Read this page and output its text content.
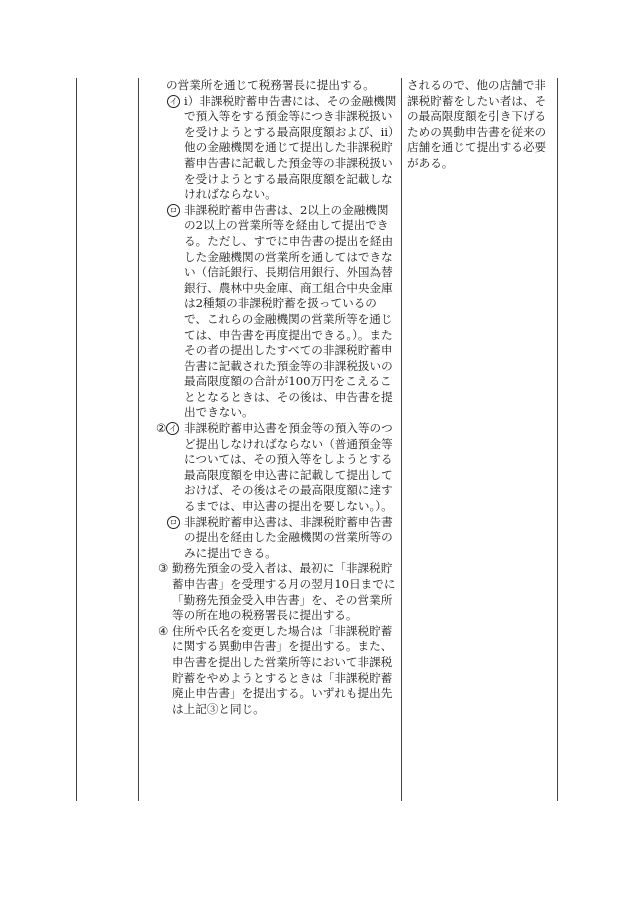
の営業所を通じて税務署長に提出する。
イ ⅰ）非課税貯蓄申告書には、その金融機関で預入等をする預金等につき非課税扱いを受けようとする最高限度額および、ⅱ）他の金融機関を通じて提出した非課税貯蓄申告書に記載した預金等の非課税扱いを受けようとする最高限度額を記載しなければならない。
ロ 非課税貯蓄申告書は、2以上の金融機関の2以上の営業所等を経由して提出できる。ただし、すでに申告書の提出を経由した金融機関の営業所を通してはできない（信託銀行、長期信用銀行、外国為替銀行、農林中央金庫、商工組合中央金庫は2種類の非課税貯蓄を扱っているので、これらの金融機関の営業所等を通じては、申告書を再度提出できる。）。またその者の提出したすべての非課税貯蓄申告書に記載された預金等の非課税扱いの最高限度額の合計が100万円をこえることとなるときは、その後は、申告書を提出できない。
② イ 非課税貯蓄申込書を預金等の預入等のつど提出しなければならない（普通預金等については、その預入等をしようとする最高限度額を申込書に記載して提出しておけば、その後はその最高限度額に達するまでは、申込書の提出を要しない。）。
ロ 非課税貯蓄申込書は、非課税貯蓄申告書の提出を経由した金融機関の営業所等のみに提出できる。
③ 勤務先預金の受入者は、最初に「非課税貯蓄申告書」を受理する月の翌月10日までに「勤務先預金受入申告書」を、その営業所等の所在地の税務署長に提出する。
④ 住所や氏名を変更した場合は「非課税貯蓄に関する異動申告書」を提出する。また、申告書を提出した営業所等において非課税貯蓄をやめようとするときは「非課税貯蓄廃止申告書」を提出する。いずれも提出先は上記③と同じ。

されるので、他の店舗で非課税貯蓄をしたい者は、その最高限度額を引き下げるための異動申告書を従来の店舗を通じて提出する必要がある。
